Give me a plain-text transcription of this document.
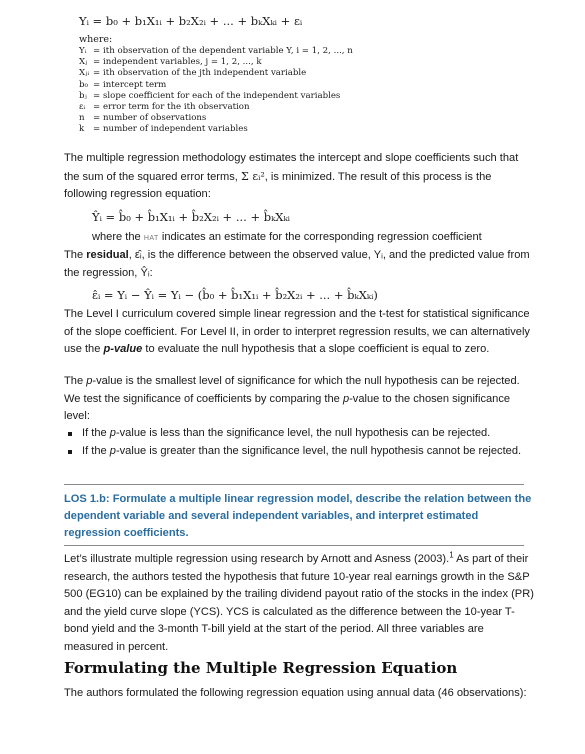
Yᵢ = b₀ + b₁X₁ᵢ + b₂X₂ᵢ + ... + bₖXₖᵢ + εᵢ
where:
Yᵢ = ith observation of the dependent variable Y, i = 1, 2, ..., n
Xⱼ = independent variables, j = 1, 2, ..., k
Xⱼᵢ = ith observation of the jth independent variable
b₀ = intercept term
bⱼ = slope coefficient for each of the independent variables
εᵢ = error term for the ith observation
n = number of observations
k	= number of independent variables

The multiple regression methodology estimates the intercept and slope coefficients such that the sum of the squared error terms, Σ εᵢ², is minimized. The result of this process is the following regression equation:

Ŷᵢ = b̂₀ + b̂₁X₁ᵢ + b̂₂X₂ᵢ + ... + b̂ₖXₖᵢ

where the HAT indicates an estimate for the corresponding regression coefficient

The residual, ε̂ᵢ, is the difference between the observed value, Yᵢ, and the predicted value from the regression, Ŷᵢ:

ε̂ᵢ = Yᵢ − Ŷᵢ = Yᵢ − (b̂₀ + b̂₁X₁ᵢ + b̂₂X₂ᵢ + ... + b̂ₖXₖᵢ)

The Level I curriculum covered simple linear regression and the t-test for statistical significance of the slope coefficient. For Level II, in order to interpret regression results, we can alternatively use the p-value to evaluate the null hypothesis that a slope coefficient is equal to zero.

The p-value is the smallest level of significance for which the null hypothesis can be rejected. We test the significance of coefficients by comparing the p-value to the chosen significance level:

If the p-value is less than the significance level, the null hypothesis can be rejected.
If the p-value is greater than the significance level, the null hypothesis cannot be rejected.
LOS 1.b: Formulate a multiple linear regression model, describe the relation between the dependent variable and several independent variables, and interpret estimated regression coefficients.

Let’s illustrate multiple regression using research by Arnott and Asness (2003).$^1$ As part of their research, the authors tested the hypothesis that future 10-year real earnings growth in the S&P 500 (EG10) can be explained by the trailing dividend payout ratio of the stocks in the index (PR) and the yield curve slope (YCS). YCS is calculated as the difference between the 10-year T-bond yield and the 3-month T-bill yield at the start of the period. All three variables are measured in percent.

Formulating the Multiple Regression Equation

The authors formulated the following regression equation using annual data (46 observations):
